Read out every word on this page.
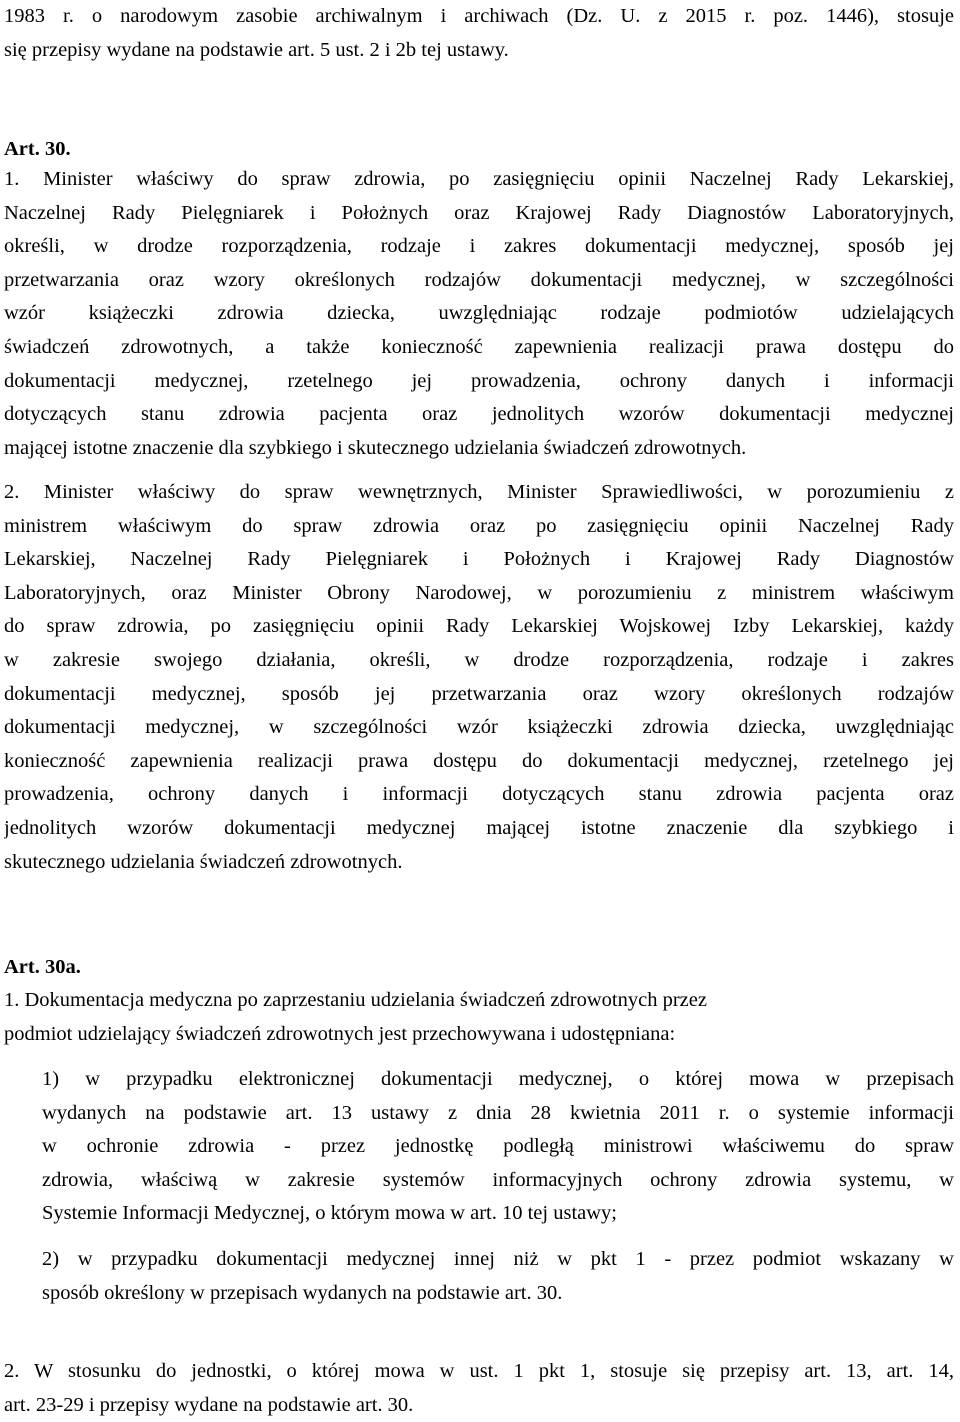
1983 r. o narodowym zasobie archiwalnym i archiwach (Dz. U. z 2015 r. poz. 1446), stosuje
się przepisy wydane na podstawie art. 5 ust. 2 i 2b tej ustawy.
Art. 30.
1. Minister właściwy do spraw zdrowia, po zasięgnięciu opinii Naczelnej Rady Lekarskiej,
Naczelnej Rady Pielęgniarek i Położnych oraz Krajowej Rady Diagnostów Laboratoryjnych,
określi, w drodze rozporządzenia, rodzaje i zakres dokumentacji medycznej, sposób jej
przetwarzania oraz wzory określonych rodzajów dokumentacji medycznej, w szczególności
wzór książeczki zdrowia dziecka, uwzględniając rodzaje podmiotów udzielających
świadczeń zdrowotnych, a także konieczność zapewnienia realizacji prawa dostępu do
dokumentacji medycznej, rzetelnego jej prowadzenia, ochrony danych i informacji
dotyczących stanu zdrowia pacjenta oraz jednolitych wzorów dokumentacji medycznej
mającej istotne znaczenie dla szybkiego i skutecznego udzielania świadczeń zdrowotnych.
2. Minister właściwy do spraw wewnętrznych, Minister Sprawiedliwości, w porozumieniu z
ministrem właściwym do spraw zdrowia oraz po zasięgnięciu opinii Naczelnej Rady
Lekarskiej, Naczelnej Rady Pielęgniarek i Położnych i Krajowej Rady Diagnostów
Laboratoryjnych, oraz Minister Obrony Narodowej, w porozumieniu z ministrem właściwym
do spraw zdrowia, po zasięgnięciu opinii Rady Lekarskiej Wojskowej Izby Lekarskiej, każdy
w zakresie swojego działania, określi, w drodze rozporządzenia, rodzaje i zakres
dokumentacji medycznej, sposób jej przetwarzania oraz wzory określonych rodzajów
dokumentacji medycznej, w szczególności wzór książeczki zdrowia dziecka, uwzględniając
konieczność zapewnienia realizacji prawa dostępu do dokumentacji medycznej, rzetelnego jej
prowadzenia, ochrony danych i informacji dotyczących stanu zdrowia pacjenta oraz
jednolitych wzorów dokumentacji medycznej mającej istotne znaczenie dla szybkiego i
skutecznego udzielania świadczeń zdrowotnych.
Art. 30a.
1. Dokumentacja medyczna po zaprzestaniu udzielania świadczeń zdrowotnych przez
podmiot udzielający świadczeń zdrowotnych jest przechowywana i udostępniana:
1) w przypadku elektronicznej dokumentacji medycznej, o której mowa w przepisach
wydanych na podstawie art. 13 ustawy z dnia 28 kwietnia 2011 r. o systemie informacji
w ochronie zdrowia - przez jednostkę podległą ministrowi właściwemu do spraw
zdrowia, właściwą w zakresie systemów informacyjnych ochrony zdrowia systemu, w
Systemie Informacji Medycznej, o którym mowa w art. 10 tej ustawy;
2) w przypadku dokumentacji medycznej innej niż w pkt 1 - przez podmiot wskazany w
sposób określony w przepisach wydanych na podstawie art. 30.
2. W stosunku do jednostki, o której mowa w ust. 1 pkt 1, stosuje się przepisy art. 13, art. 14,
art. 23-29 i przepisy wydane na podstawie art. 30.
